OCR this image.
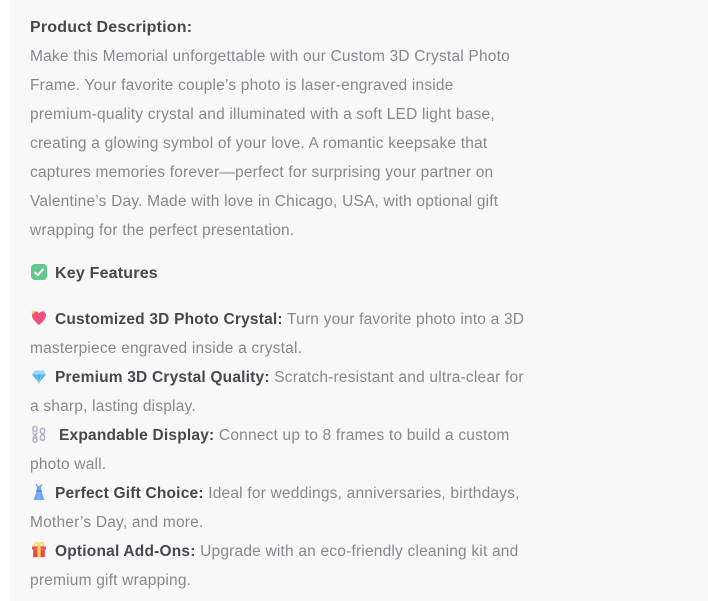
Product Description:
Make this Memorial unforgettable with our Custom 3D Crystal Photo
Frame. Your favorite couple’s photo is laser-engraved inside
premium-quality crystal and illuminated with a soft LED light base,
creating a glowing symbol of your love. A romantic keepsake that
captures memories forever—perfect for surprising your partner on
Valentine’s Day. Made with love in Chicago, USA, with optional gift
wrapping for the perfect presentation.
Key Features
Customized 3D Photo Crystal: Turn your favorite photo into a 3D
masterpiece engraved inside a crystal.
Premium 3D Crystal Quality: Scratch-resistant and ultra-clear for
a sharp, lasting display.
Expandable Display: Connect up to 8 frames to build a custom
photo wall.
Perfect Gift Choice: Ideal for weddings, anniversaries, birthdays,
Mother’s Day, and more.
Optional Add-Ons: Upgrade with an eco-friendly cleaning kit and
premium gift wrapping.
